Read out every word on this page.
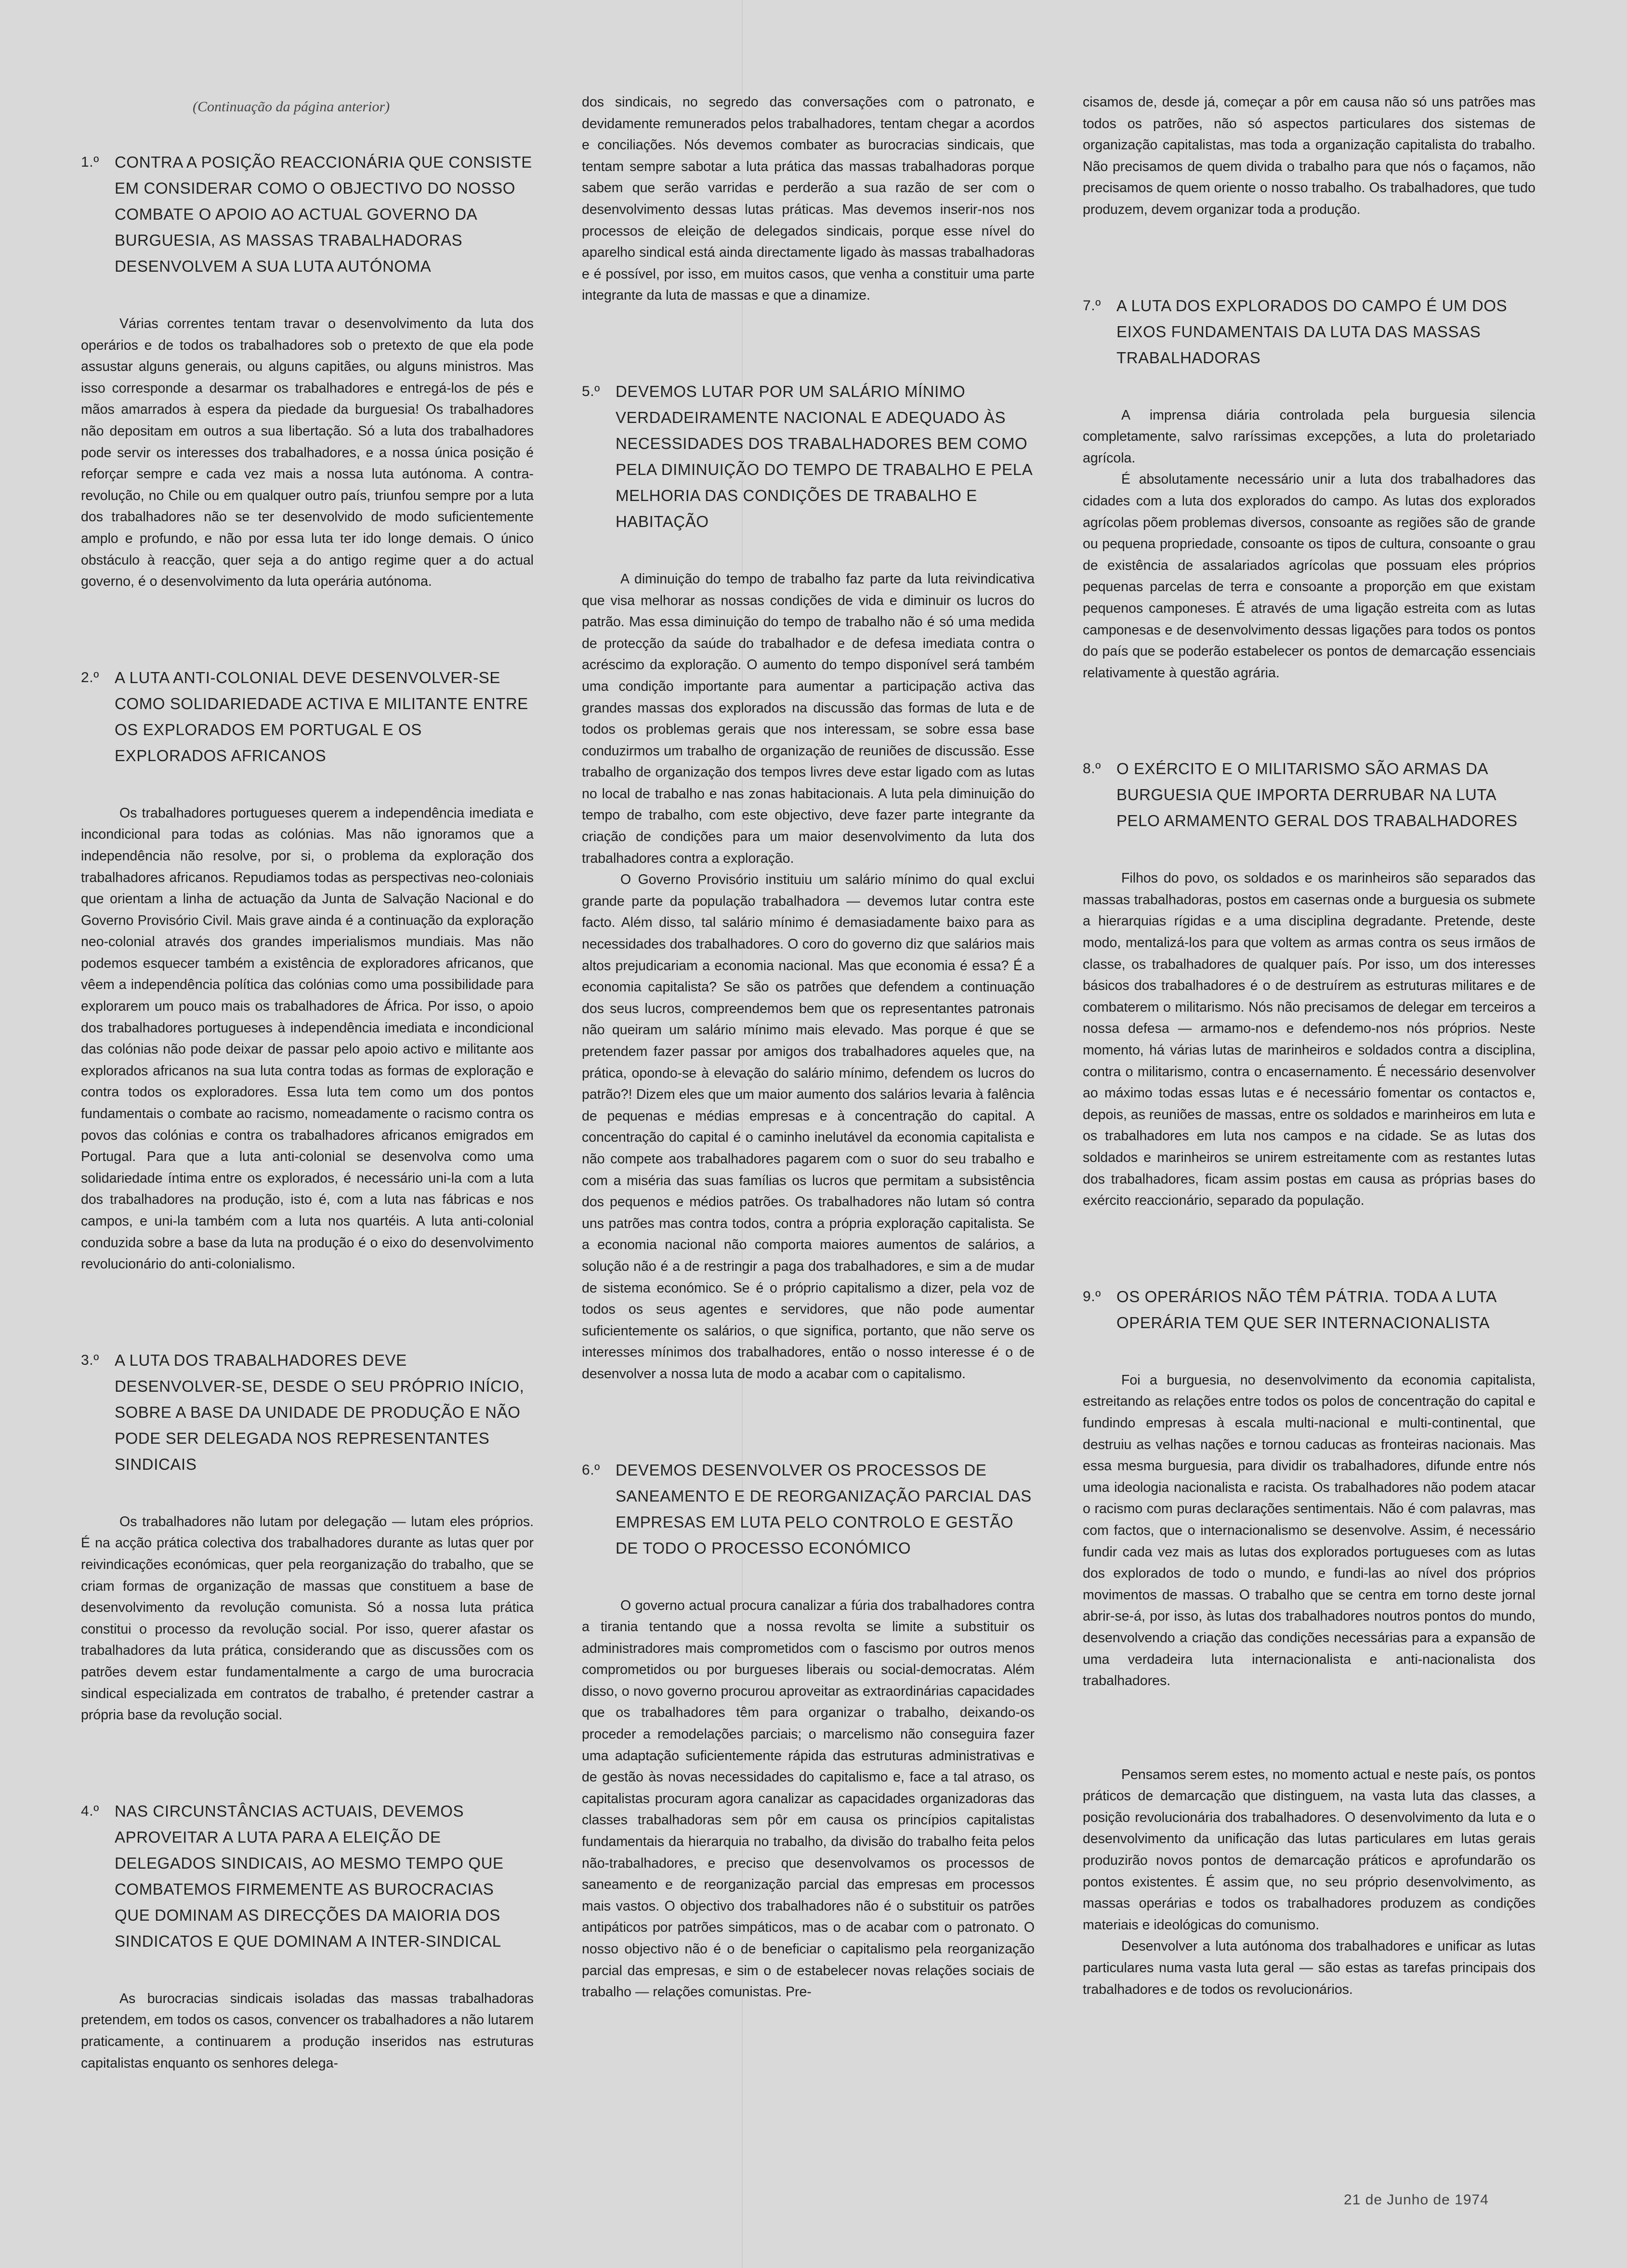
(Continuação da página anterior)
1.º CONTRA A POSIÇÃO REACCIONÁRIA QUE CONSISTE EM CONSIDERAR COMO O OBJECTIVO DO NOSSO COMBATE O APOIO AO ACTUAL GOVERNO DA BURGUESIA, AS MASSAS TRABALHADORAS DESENVOLVEM A SUA LUTA AUTÓNOMA

Várias correntes tentam travar o desenvolvimento da luta dos operários e de todos os trabalhadores sob o pretexto de que ela pode assustar alguns generais, ou alguns capitães, ou alguns ministros. Mas isso corresponde a desarmar os trabalhadores e entregá-los de pés e mãos amarrados à espera da piedade da burguesia! Os trabalhadores não depositam em outros a sua libertação. Só a luta dos trabalhadores pode servir os interesses dos trabalhadores, e a nossa única posição é reforçar sempre e cada vez mais a nossa luta autónoma. A contra-revolução, no Chile ou em qualquer outro país, triunfou sempre por a luta dos trabalhadores não se ter desenvolvido de modo suficientemente amplo e profundo, e não por essa luta ter ido longe demais. O único obstáculo à reacção, quer seja a do antigo regime quer a do actual governo, é o desenvolvimento da luta operária autónoma.

2.º A LUTA ANTI-COLONIAL DEVE DESENVOLVER-SE COMO SOLIDARIEDADE ACTIVA E MILITANTE ENTRE OS EXPLORADOS EM PORTUGAL E OS EXPLORADOS AFRICANOS

Os trabalhadores portugueses querem a independência imediata e incondicional para todas as colónias. Mas não ignoramos que a independência não resolve, por si, o problema da exploração dos trabalhadores africanos. Repudiamos todas as perspectivas neo-coloniais que orientam a linha de actuação da Junta de Salvação Nacional e do Governo Provisório Civil. Mais grave ainda é a continuação da exploração neo-colonial através dos grandes imperialismos mundiais. Mas não podemos esquecer também a existência de exploradores africanos, que vêem a independência política das colónias como uma possibilidade para explorarem um pouco mais os trabalhadores de África. Por isso, o apoio dos trabalhadores portugueses à independência imediata e incondicional das colónias não pode deixar de passar pelo apoio activo e militante aos explorados africanos na sua luta contra todas as formas de exploração e contra todos os exploradores. Essa luta tem como um dos pontos fundamentais o combate ao racismo, nomeadamente o racismo contra os povos das colónias e contra os trabalhadores africanos emigrados em Portugal. Para que a luta anti-colonial se desenvolva como uma solidariedade íntima entre os explorados, é necessário uni-la com a luta dos trabalhadores na produção, isto é, com a luta nas fábricas e nos campos, e uni-la também com a luta nos quartéis. A luta anti-colonial conduzida sobre a base da luta na produção é o eixo do desenvolvimento revolucionário do anti-colonialismo.

3.º A LUTA DOS TRABALHADORES DEVE DESENVOLVER-SE, DESDE O SEU PRÓPRIO INÍCIO, SOBRE A BASE DA UNIDADE DE PRODUÇÃO E NÃO PODE SER DELEGADA NOS REPRESENTANTES SINDICAIS

Os trabalhadores não lutam por delegação — lutam eles próprios. É na acção prática colectiva dos trabalhadores durante as lutas quer por reivindicações económicas, quer pela reorganização do trabalho, que se criam formas de organização de massas que constituem a base de desenvolvimento da revolução comunista. Só a nossa luta prática constitui o processo da revolução social. Por isso, querer afastar os trabalhadores da luta prática, considerando que as discussões com os patrões devem estar fundamentalmente a cargo de uma burocracia sindical especializada em contratos de trabalho, é pretender castrar a própria base da revolução social.

4.º NAS CIRCUNSTÂNCIAS ACTUAIS, DEVEMOS APROVEITAR A LUTA PARA A ELEIÇÃO DE DELEGADOS SINDICAIS, AO MESMO TEMPO QUE COMBATEMOS FIRMEMENTE AS BUROCRACIAS QUE DOMINAM AS DIRECÇÕES DA MAIORIA DOS SINDICATOS E QUE DOMINAM A INTER-SINDICAL

As burocracias sindicais isoladas das massas trabalhadoras pretendem, em todos os casos, convencer os trabalhadores a não lutarem praticamente, a continuarem a produção inseridos nas estruturas capitalistas enquanto os senhores delega-

dos sindicais, no segredo das conversações com o patronato, e devidamente remunerados pelos trabalhadores, tentam chegar a acordos e conciliações. Nós devemos combater as burocracias sindicais, que tentam sempre sabotar a luta prática das massas trabalhadoras porque sabem que serão varridas e perderão a sua razão de ser com o desenvolvimento dessas lutas práticas. Mas devemos inserir-nos nos processos de eleição de delegados sindicais, porque esse nível do aparelho sindical está ainda directamente ligado às massas trabalhadoras e é possível, por isso, em muitos casos, que venha a constituir uma parte integrante da luta de massas e que a dinamize.

5.º DEVEMOS LUTAR POR UM SALÁRIO MÍNIMO VERDADEIRAMENTE NACIONAL E ADEQUADO ÀS NECESSIDADES DOS TRABALHADORES BEM COMO PELA DIMINUIÇÃO DO TEMPO DE TRABALHO E PELA MELHORIA DAS CONDIÇÕES DE TRABALHO E HABITAÇÃO

A diminuição do tempo de trabalho faz parte da luta reivindicativa que visa melhorar as nossas condições de vida e diminuir os lucros do patrão. Mas essa diminuição do tempo de trabalho não é só uma medida de protecção da saúde do trabalhador e de defesa imediata contra o acréscimo da exploração. O aumento do tempo disponível será também uma condição importante para aumentar a participação activa das grandes massas dos explorados na discussão das formas de luta e de todos os problemas gerais que nos interessam, se sobre essa base conduzirmos um trabalho de organização de reuniões de discussão. Esse trabalho de organização dos tempos livres deve estar ligado com as lutas no local de trabalho e nas zonas habitacionais. A luta pela diminuição do tempo de trabalho, com este objectivo, deve fazer parte integrante da criação de condições para um maior desenvolvimento da luta dos trabalhadores contra a exploração.

O Governo Provisório instituiu um salário mínimo do qual exclui grande parte da população trabalhadora — devemos lutar contra este facto. Além disso, tal salário mínimo é demasiadamente baixo para as necessidades dos trabalhadores. O coro do governo diz que salários mais altos prejudicariam a economia nacional. Mas que economia é essa? É a economia capitalista? Se são os patrões que defendem a continuação dos seus lucros, compreendemos bem que os representantes patronais não queiram um salário mínimo mais elevado. Mas porque é que se pretendem fazer passar por amigos dos trabalhadores aqueles que, na prática, opondo-se à elevação do salário mínimo, defendem os lucros do patrão?! Dizem eles que um maior aumento dos salários levaria à falência de pequenas e médias empresas e à concentração do capital. A concentração do capital é o caminho inelutável da economia capitalista e não compete aos trabalhadores pagarem com o suor do seu trabalho e com a miséria das suas famílias os lucros que permitam a subsistência dos pequenos e médios patrões. Os trabalhadores não lutam só contra uns patrões mas contra todos, contra a própria exploração capitalista. Se a economia nacional não comporta maiores aumentos de salários, a solução não é a de restringir a paga dos trabalhadores, e sim a de mudar de sistema económico. Se é o próprio capitalismo a dizer, pela voz de todos os seus agentes e servidores, que não pode aumentar suficientemente os salários, o que significa, portanto, que não serve os interesses mínimos dos trabalhadores, então o nosso interesse é o de desenvolver a nossa luta de modo a acabar com o capitalismo.

6.º DEVEMOS DESENVOLVER OS PROCESSOS DE SANEAMENTO E DE REORGANIZAÇÃO PARCIAL DAS EMPRESAS EM LUTA PELO CONTROLO E GESTÃO DE TODO O PROCESSO ECONÓMICO

O governo actual procura canalizar a fúria dos trabalhadores contra a tirania tentando que a nossa revolta se limite a substituir os administradores mais comprometidos com o fascismo por outros menos comprometidos ou por burgueses liberais ou social-democratas. Além disso, o novo governo procurou aproveitar as extraordinárias capacidades que os trabalhadores têm para organizar o trabalho, deixando-os proceder a remodelações parciais; o marcelismo não conseguira fazer uma adaptação suficientemente rápida das estruturas administrativas e de gestão às novas necessidades do capitalismo e, face a tal atraso, os capitalistas procuram agora canalizar as capacidades organizadoras das classes trabalhadoras sem pôr em causa os princípios capitalistas fundamentais da hierarquia no trabalho, da divisão do trabalho feita pelos não-trabalhadores, e preciso que desenvolvamos os processos de saneamento e de reorganização parcial das empresas em processos mais vastos. O objectivo dos trabalhadores não é o substituir os patrões antipáticos por patrões simpáticos, mas o de acabar com o patronato. O nosso objectivo não é o de beneficiar o capitalismo pela reorganização parcial das empresas, e sim o de estabelecer novas relações sociais de trabalho — relações comunistas. Pre-

cisamos de, desde já, começar a pôr em causa não só uns patrões mas todos os patrões, não só aspectos particulares dos sistemas de organização capitalistas, mas toda a organização capitalista do trabalho. Não precisamos de quem divida o trabalho para que nós o façamos, não precisamos de quem oriente o nosso trabalho. Os trabalhadores, que tudo produzem, devem organizar toda a produção.

7.º A LUTA DOS EXPLORADOS DO CAMPO É UM DOS EIXOS FUNDAMENTAIS DA LUTA DAS MASSAS TRABALHADORAS

A imprensa diária controlada pela burguesia silencia completamente, salvo raríssimas excepções, a luta do proletariado agrícola.

É absolutamente necessário unir a luta dos trabalhadores das cidades com a luta dos explorados do campo. As lutas dos explorados agrícolas põem problemas diversos, consoante as regiões são de grande ou pequena propriedade, consoante os tipos de cultura, consoante o grau de existência de assalariados agrícolas que possuam eles próprios pequenas parcelas de terra e consoante a proporção em que existam pequenos camponeses. É através de uma ligação estreita com as lutas camponesas e de desenvolvimento dessas ligações para todos os pontos do país que se poderão estabelecer os pontos de demarcação essenciais relativamente à questão agrária.

8.º O EXÉRCITO E O MILITARISMO SÃO ARMAS DA BURGUESIA QUE IMPORTA DERRUBAR NA LUTA PELO ARMAMENTO GERAL DOS TRABALHADORES

Filhos do povo, os soldados e os marinheiros são separados das massas trabalhadoras, postos em casernas onde a burguesia os submete a hierarquias rígidas e a uma disciplina degradante. Pretende, deste modo, mentalizá-los para que voltem as armas contra os seus irmãos de classe, os trabalhadores de qualquer país. Por isso, um dos interesses básicos dos trabalhadores é o de destruírem as estruturas militares e de combaterem o militarismo. Nós não precisamos de delegar em terceiros a nossa defesa — armamo-nos e defendemo-nos nós próprios. Neste momento, há várias lutas de marinheiros e soldados contra a disciplina, contra o militarismo, contra o encasernamento. É necessário desenvolver ao máximo todas essas lutas e é necessário fomentar os contactos e, depois, as reuniões de massas, entre os soldados e marinheiros em luta e os trabalhadores em luta nos campos e na cidade. Se as lutas dos soldados e marinheiros se unirem estreitamente com as restantes lutas dos trabalhadores, ficam assim postas em causa as próprias bases do exército reaccionário, separado da população.

9.º OS OPERÁRIOS NÃO TÊM PÁTRIA. TODA A LUTA OPERÁRIA TEM QUE SER INTERNACIONALISTA

Foi a burguesia, no desenvolvimento da economia capitalista, estreitando as relações entre todos os polos de concentração do capital e fundindo empresas à escala multi-nacional e multi-continental, que destruiu as velhas nações e tornou caducas as fronteiras nacionais. Mas essa mesma burguesia, para dividir os trabalhadores, difunde entre nós uma ideologia nacionalista e racista. Os trabalhadores não podem atacar o racismo com puras declarações sentimentais. Não é com palavras, mas com factos, que o internacionalismo se desenvolve. Assim, é necessário fundir cada vez mais as lutas dos explorados portugueses com as lutas dos explorados de todo o mundo, e fundi-las ao nível dos próprios movimentos de massas. O trabalho que se centra em torno deste jornal abrir-se-á, por isso, às lutas dos trabalhadores noutros pontos do mundo, desenvolvendo a criação das condições necessárias para a expansão de uma verdadeira luta internacionalista e anti-nacionalista dos trabalhadores.

Pensamos serem estes, no momento actual e neste país, os pontos práticos de demarcação que distinguem, na vasta luta das classes, a posição revolucionária dos trabalhadores. O desenvolvimento da luta e o desenvolvimento da unificação das lutas particulares em lutas gerais produzirão novos pontos de demarcação práticos e aprofundarão os pontos existentes. É assim que, no seu próprio desenvolvimento, as massas operárias e todos os trabalhadores produzem as condições materiais e ideológicas do comunismo.

Desenvolver a luta autónoma dos trabalhadores e unificar as lutas particulares numa vasta luta geral — são estas as tarefas principais dos trabalhadores e de todos os revolucionários.

21 de Junho de 1974
